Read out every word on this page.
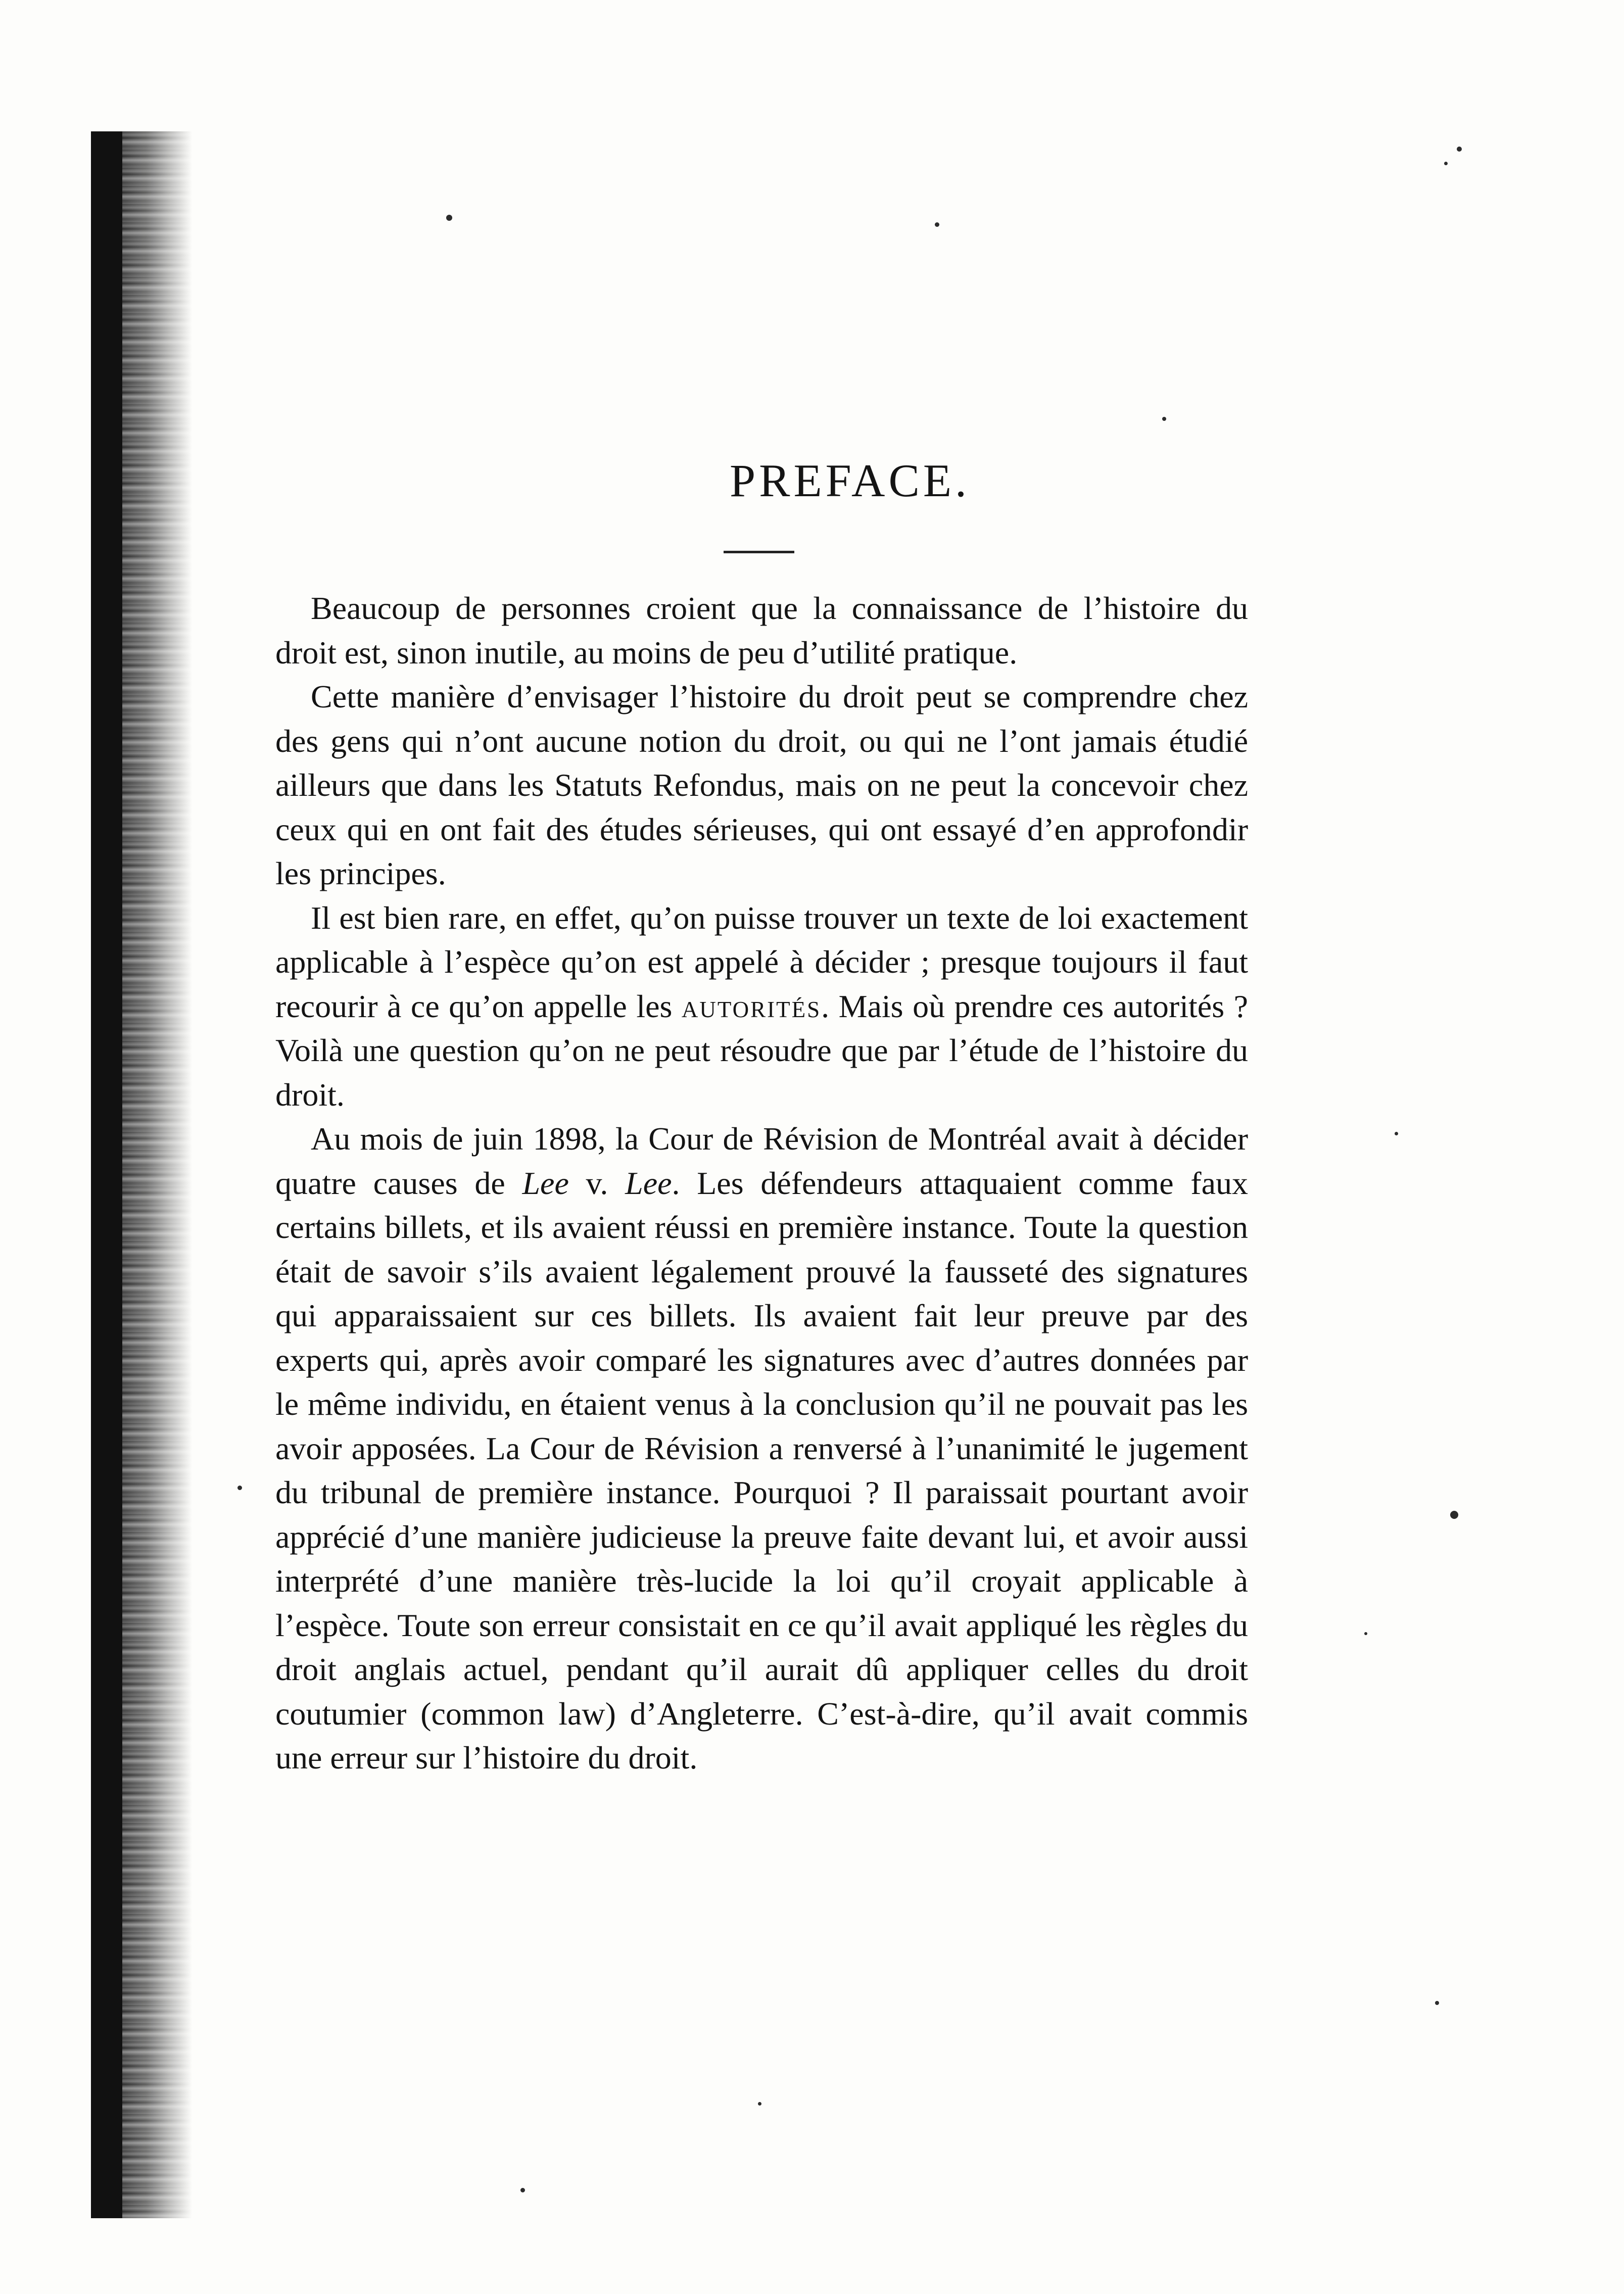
PREFACE.

Beaucoup de personnes croient que la connaissance de l’histoire du droit est, sinon inutile, au moins de peu d’utilité pratique.

Cette manière d’envisager l’histoire du droit peut se comprendre chez des gens qui n’ont aucune notion du droit, ou qui ne l’ont jamais étudié ailleurs que dans les Statuts Refondus, mais on ne peut la concevoir chez ceux qui en ont fait des études sérieuses, qui ont essayé d’en approfondir les principes.

Il est bien rare, en effet, qu’on puisse trouver un texte de loi exactement applicable à l’espèce qu’on est appelé à décider ; presque toujours il faut recourir à ce qu’on appelle les autorités. Mais où prendre ces autorités ? Voilà une question qu’on ne peut résoudre que par l’étude de l’histoire du droit.

Au mois de juin 1898, la Cour de Révision de Montréal avait à décider quatre causes de Lee v. Lee. Les défendeurs attaquaient comme faux certains billets, et ils avaient réussi en première instance. Toute la question était de savoir s’ils avaient légalement prouvé la fausseté des signatures qui apparaissaient sur ces billets. Ils avaient fait leur preuve par des experts qui, après avoir comparé les signatures avec d’autres données par le même individu, en étaient venus à la conclusion qu’il ne pouvait pas les avoir apposées. La Cour de Révision a renversé à l’unanimité le jugement du tribunal de première instance. Pourquoi ? Il paraissait pourtant avoir apprécié d’une manière judicieuse la preuve faite devant lui, et avoir aussi interprété d’une manière très-lucide la loi qu’il croyait applicable à l’espèce. Toute son erreur consistait en ce qu’il avait appliqué les règles du droit anglais actuel, pendant qu’il aurait dû appliquer celles du droit coutumier (common law) d’Angleterre. C’est-à-dire, qu’il avait commis une erreur sur l’histoire du droit.
